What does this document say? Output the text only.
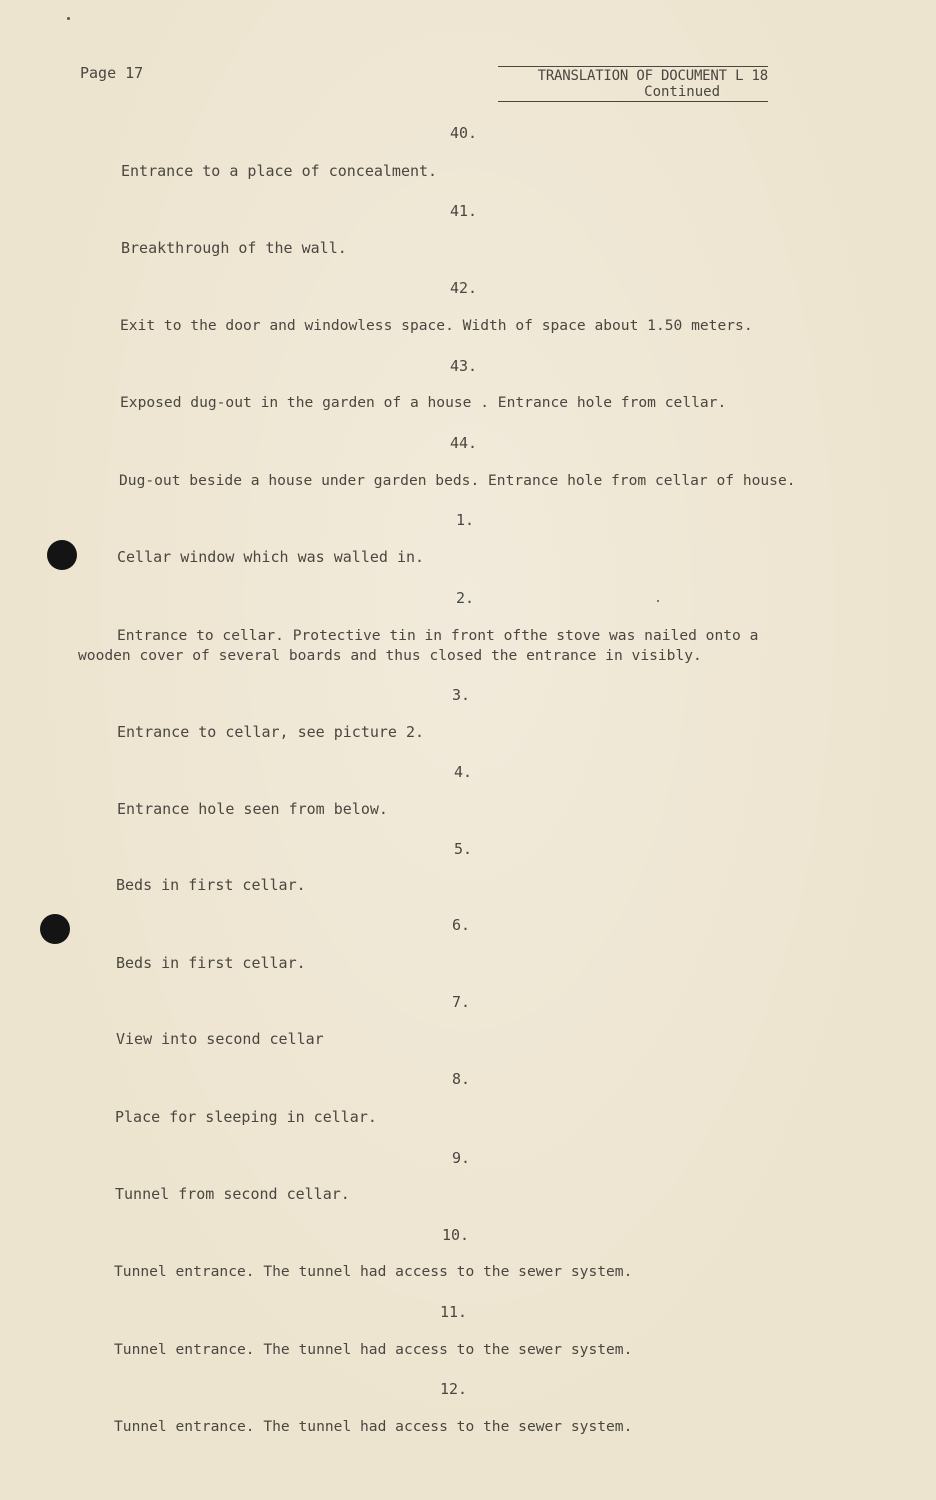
Page 17	TRANSLATION OF DOCUMENT L 18
Continued
40.
Entrance to a place of concealment.
41.
Breakthrough of the wall.
42.
Exit to the door and windowless space. Width of space about 1.50 meters.
43.
Exposed dug-out in the garden of a house . Entrance hole from cellar.
44.
Dug-out beside a house under garden beds. Entrance hole from cellar of house.
1.
Cellar window which was walled in.
2.
Entrance to cellar. Protective tin in front ofthe stove was nailed onto a
wooden cover of several boards and thus closed the entrance in visibly.
3.
Entrance to cellar, see picture 2.
4.
Entrance hole seen from below.
5.
Beds in first cellar.
6.
Beds in first cellar.
7.
View into second cellar
8.
Place for sleeping in cellar.
9.
Tunnel from second cellar.
10.
Tunnel entrance. The tunnel had access to the sewer system.
11.
Tunnel entrance. The tunnel had access to the sewer system.
12.
Tunnel entrance. The tunnel had access to the sewer system.
